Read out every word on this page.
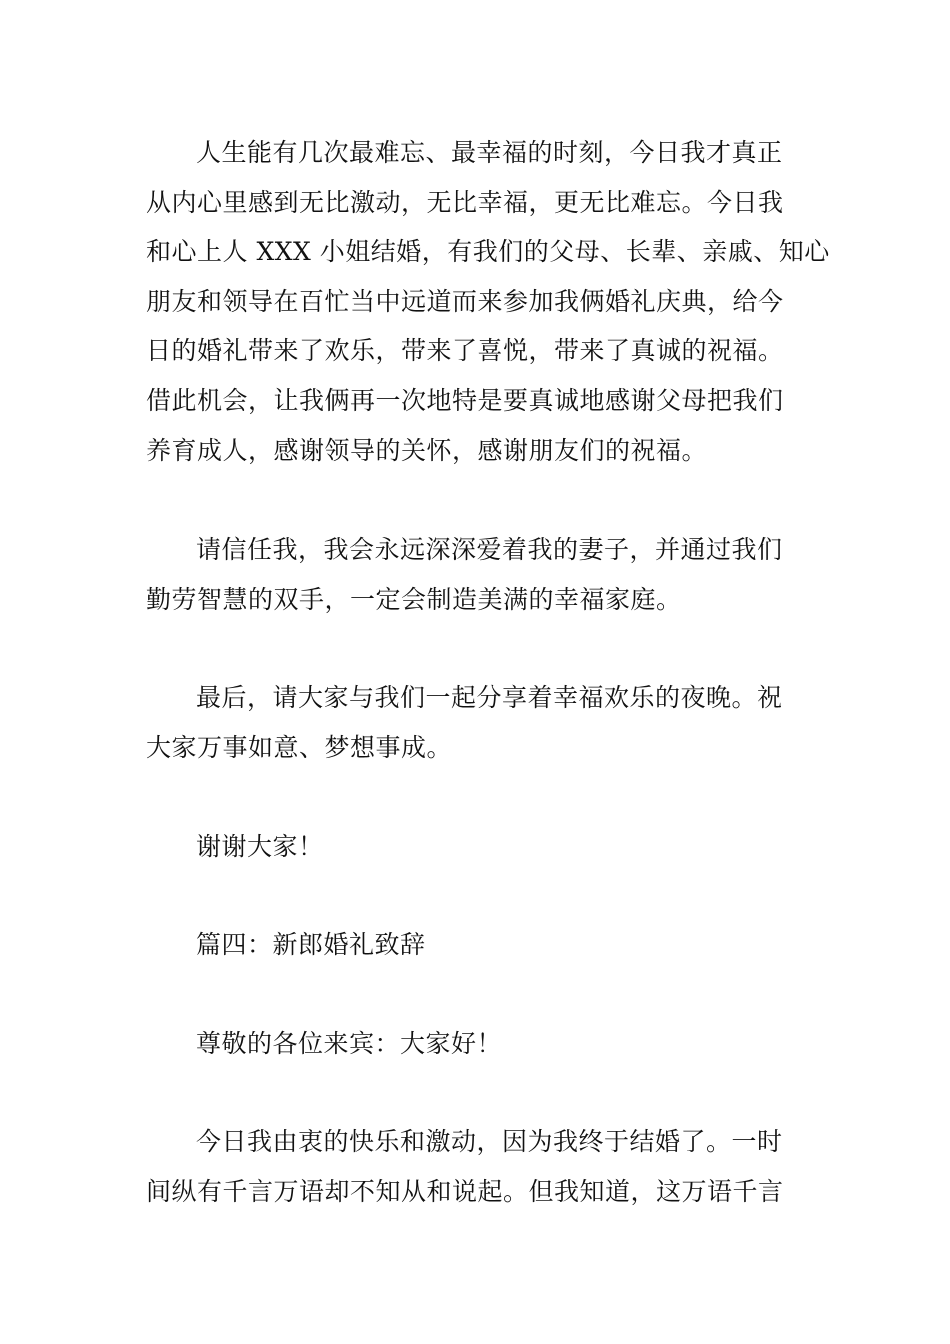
人生能有几次最难忘、最幸福的时刻，今日我才真正
从内心里感到无比激动，无比幸福，更无比难忘。今日我
和心上人 XXX 小姐结婚，有我们的父母、长辈、亲戚、知心
朋友和领导在百忙当中远道而来参加我俩婚礼庆典，给今
日的婚礼带来了欢乐，带来了喜悦，带来了真诚的祝福。
借此机会，让我俩再一次地特是要真诚地感谢父母把我们
养育成人，感谢领导的关怀，感谢朋友们的祝福。
请信任我，我会永远深深爱着我的妻子，并通过我们
勤劳智慧的双手，一定会制造美满的幸福家庭。
最后，请大家与我们一起分享着幸福欢乐的夜晚。祝
大家万事如意、梦想事成。
谢谢大家！
篇四：新郎婚礼致辞
尊敬的各位来宾：大家好！
今日我由衷的快乐和激动，因为我终于结婚了。一时
间纵有千言万语却不知从和说起。但我知道，这万语千言
